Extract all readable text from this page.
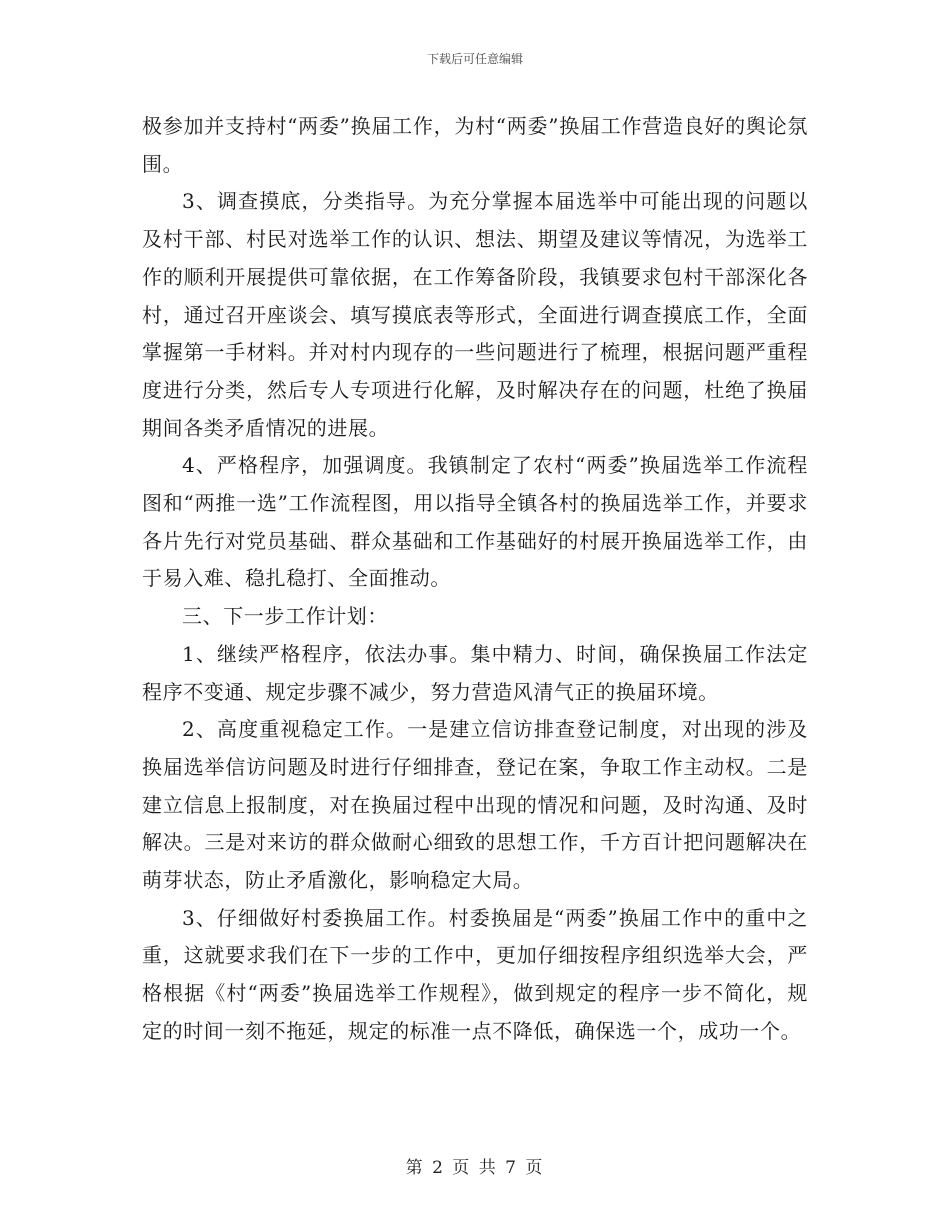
下载后可任意编辑

极参加并支持村“两委”换届工作，为村“两委”换届工作营造良好的舆论氛围。

3、调查摸底，分类指导。为充分掌握本届选举中可能出现的问题以及村干部、村民对选举工作的认识、想法、期望及建议等情况，为选举工作的顺利开展提供可靠依据，在工作筹备阶段，我镇要求包村干部深化各村，通过召开座谈会、填写摸底表等形式，全面进行调查摸底工作，全面掌握第一手材料。并对村内现存的一些问题进行了梳理，根据问题严重程度进行分类，然后专人专项进行化解，及时解决存在的问题，杜绝了换届期间各类矛盾情况的进展。

4、严格程序，加强调度。我镇制定了农村“两委”换届选举工作流程图和“两推一选”工作流程图，用以指导全镇各村的换届选举工作，并要求各片先行对党员基础、群众基础和工作基础好的村展开换届选举工作，由于易入难、稳扎稳打、全面推动。

三、下一步工作计划：

1、继续严格程序，依法办事。集中精力、时间，确保换届工作法定程序不变通、规定步骤不减少，努力营造风清气正的换届环境。

2、高度重视稳定工作。一是建立信访排查登记制度，对出现的涉及换届选举信访问题及时进行仔细排查，登记在案，争取工作主动权。二是建立信息上报制度，对在换届过程中出现的情况和问题，及时沟通、及时解决。三是对来访的群众做耐心细致的思想工作，千方百计把问题解决在萌芽状态，防止矛盾激化，影响稳定大局。

3、仔细做好村委换届工作。村委换届是“两委”换届工作中的重中之重，这就要求我们在下一步的工作中，更加仔细按程序组织选举大会，严格根据《村“两委”换届选举工作规程》，做到规定的程序一步不简化，规定的时间一刻不拖延，规定的标准一点不降低，确保选一个，成功一个。

第 2 页 共 7 页
